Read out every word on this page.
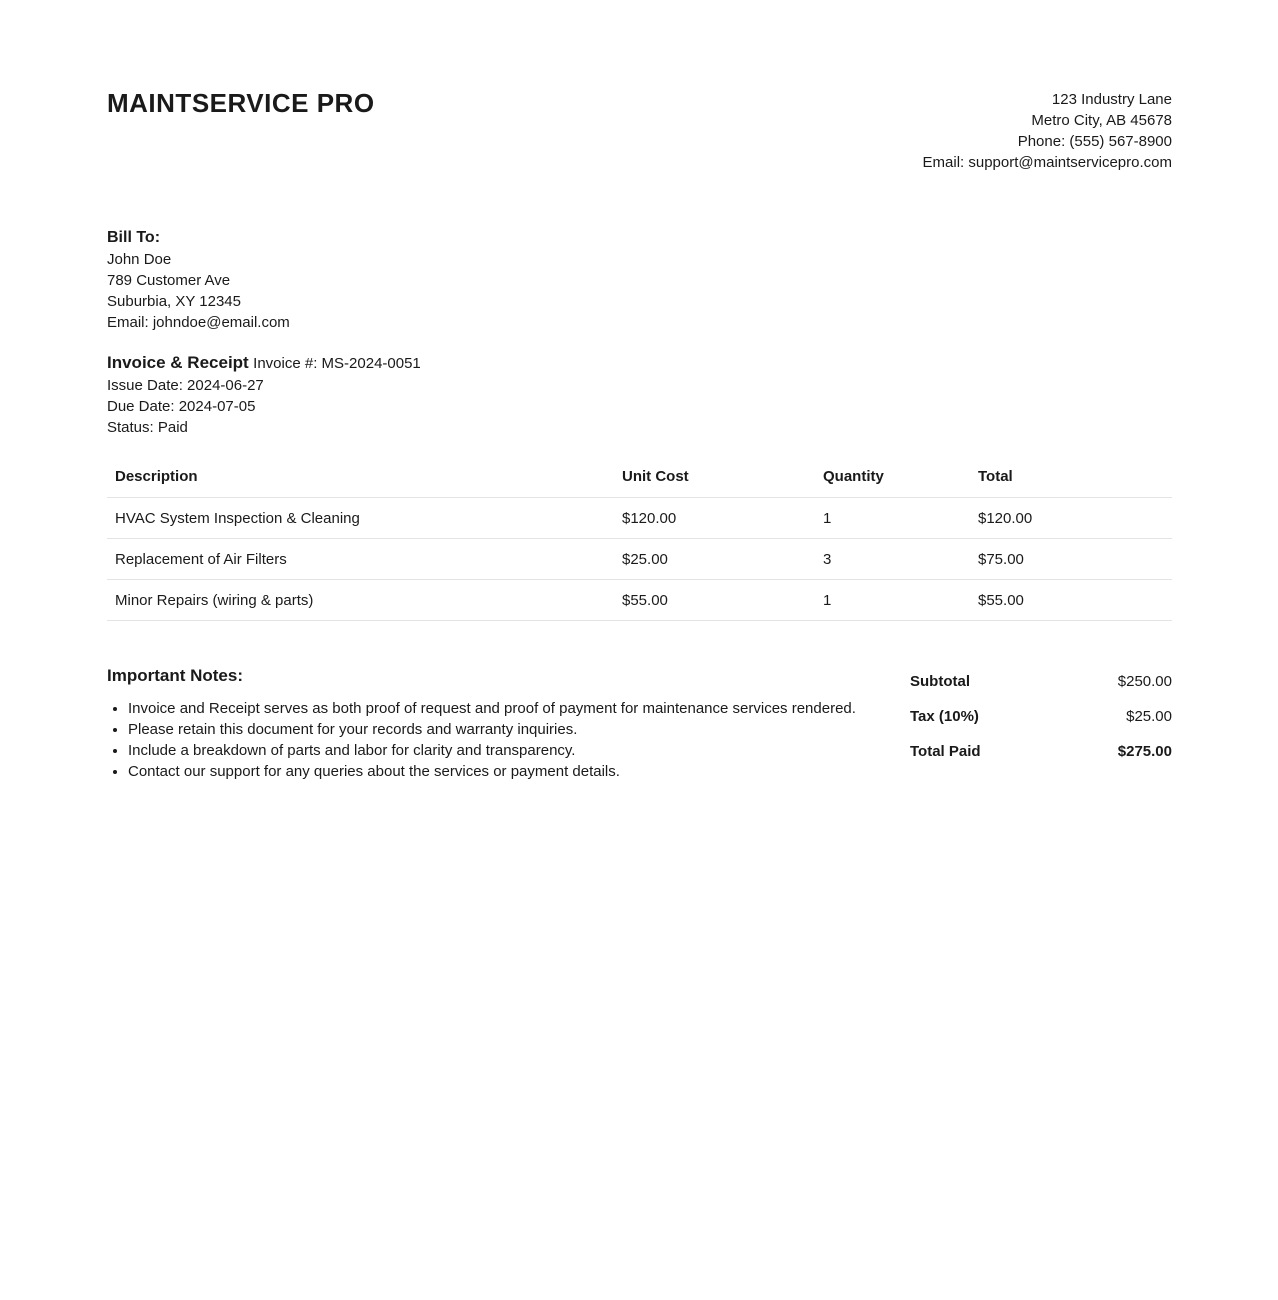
MAINTSERVICE PRO	123 Industry Lane
Metro City, AB 45678
Phone: (555) 567-8900
Email: support@maintservicepro.com
Bill To:
John Doe
789 Customer Ave
Suburbia, XY 12345
Email: johndoe@email.com
Invoice & Receipt Invoice #: MS-2024-0051
Issue Date: 2024-06-27
Due Date: 2024-07-05
Status: Paid
Description	Unit Cost	Quantity	Total
HVAC System Inspection & Cleaning	$120.00	1	$120.00
Replacement of Air Filters	$25.00	3	$75.00
Minor Repairs (wiring & parts)	$55.00	1	$55.00
Important Notes:
• Invoice and Receipt serves as both proof of request and proof of payment for maintenance services rendered.
• Please retain this document for your records and warranty inquiries.
• Include a breakdown of parts and labor for clarity and transparency.
• Contact our support for any queries about the services or payment details.
Subtotal	$250.00
Tax (10%)	$25.00
Total Paid	$275.00
